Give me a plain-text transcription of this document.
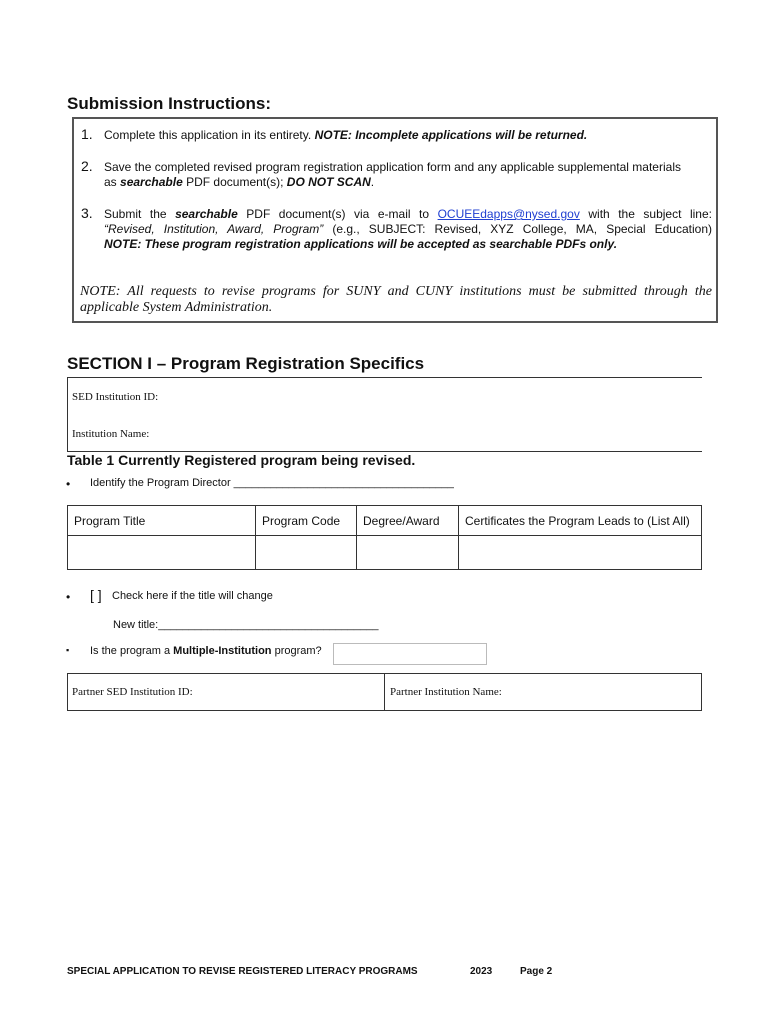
Submission Instructions:
1. Complete this application in its entirety. NOTE: Incomplete applications will be returned.
2. Save the completed revised program registration application form and any applicable supplemental materials
as searchable PDF document(s); DO NOT SCAN.
3. Submit the searchable PDF document(s) via e-mail to OCUEEdapps@nysed.gov with the subject line:
“Revised, Institution, Award, Program” (e.g., SUBJECT: Revised, XYZ College, MA, Special Education)
NOTE: These program registration applications will be accepted as searchable PDFs only.
NOTE: All requests to revise programs for SUNY and CUNY institutions must be submitted through the applicable System Administration.
SECTION I – Program Registration Specifics
SED Institution ID:
Institution Name:
Table 1 Currently Registered program being revised.
• Identify the Program Director ____________________________________
Program Title	Program Code	Degree/Award	Certificates the Program Leads to (List All)

• [ ] Check here if the title will change
New title:____________________________________
▪ Is the program a Multiple-Institution program?
Partner SED Institution ID:	Partner Institution Name:
SPECIAL APPLICATION TO REVISE REGISTERED LITERACY PROGRAMS	2023	Page 2
